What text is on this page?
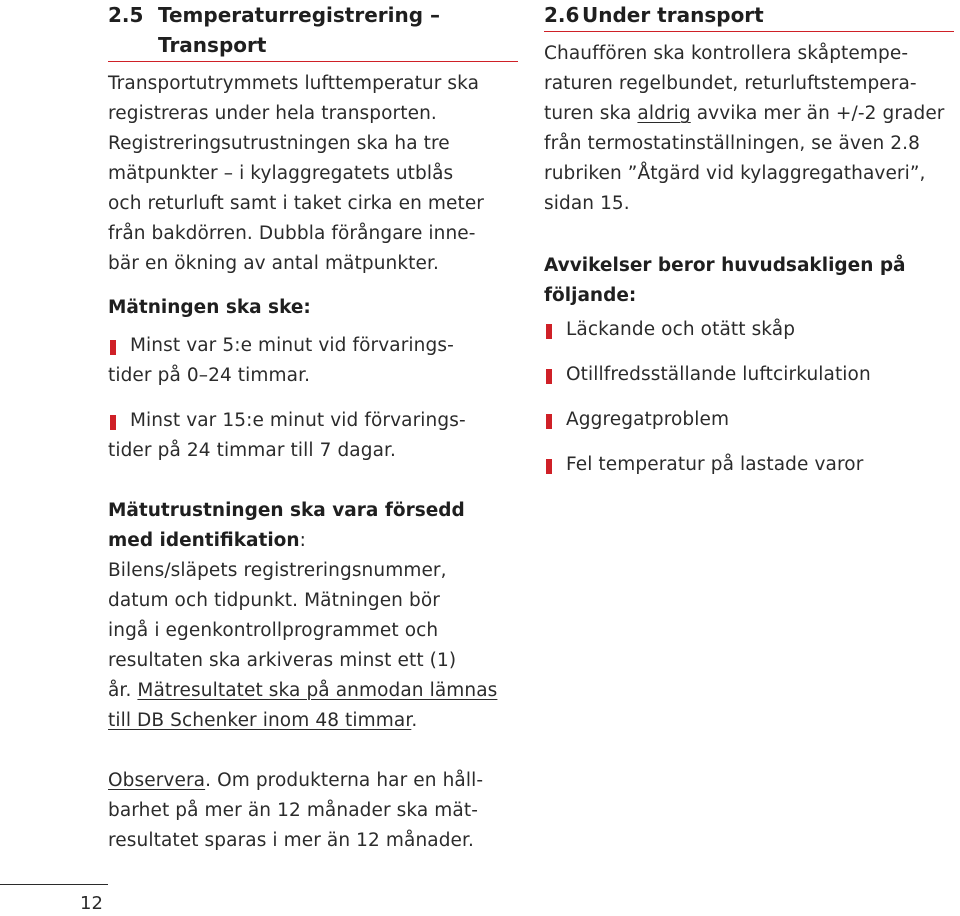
2.5 Temperaturregistrering – Transport

Transportutrymmets lufttemperatur ska
registreras under hela transporten.
Registreringsutrustningen ska ha tre
mätpunkter – i kylaggregatets utblås
och returluft samt i taket cirka en meter
från bakdörren. Dubbla förångare inne-
bär en ökning av antal mätpunkter.

Mätningen ska ske:
Minst var 5:e minut vid förvarings-
tider på 0–24 timmar.
Minst var 15:e minut vid förvarings-
tider på 24 timmar till 7 dagar.
Mätutrustningen ska vara försedd
med identifikation:

Bilens/släpets registreringsnummer,
datum och tidpunkt. Mätningen bör
ingå i egenkontrollprogrammet och
resultaten ska arkiveras minst ett (1)
år. Mätresultatet ska på anmodan lämnas
till DB Schenker inom 48 timmar.

Observera. Om produkterna har en håll-
barhet på mer än 12 månader ska mät-
resultatet sparas i mer än 12 månader.

2.6 Under transport

Chauffören ska kontrollera skåptempe-
raturen regelbundet, returluftstempera-
turen ska aldrig avvika mer än +/-2 grader
från termostatinställningen, se även 2.8
rubriken ”Åtgärd vid kylaggregathaveri”,
sidan 15.

Avvikelser beror huvudsakligen på
följande:
Läckande och otätt skåp
Otillfredsställande luftcirkulation
Aggregatproblem
Fel temperatur på lastade varor
12
